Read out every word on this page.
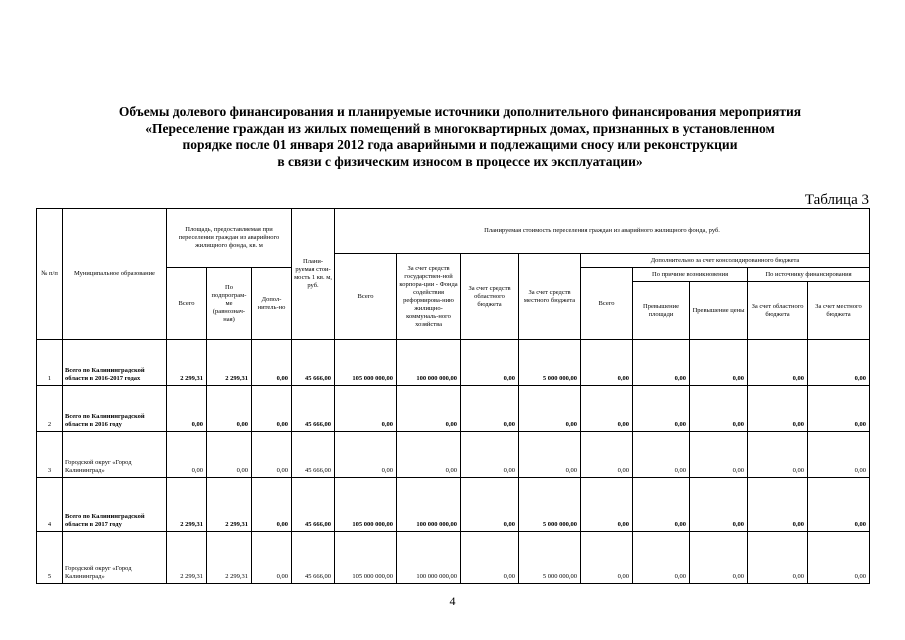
Объемы долевого финансирования и планируемые источники дополнительного финансирования мероприятия
«Переселение граждан из жилых помещений в многоквартирных домах, признанных в установленном
порядке после 01 января 2012 года аварийными и подлежащими сносу или реконструкции
в связи с физическим износом в процессе их эксплуатации»
Таблица 3
№ п/п	Муниципальное образование	Площадь, предоставляемая при переселении граждан из аварийного жилищного фонда, кв. м			Плани-руемая стои-мость 1 кв. м, руб.	Планируемая стоимость переселения граждан из аварийного жилищного фонда, руб.								
						Всего	За счет средств государствен-ной корпора-ции - Фонда содействия реформирова-нию жилищно-коммуналь-ного хозяйства	За счет средств областного бюджета	За счет средств местного бюджета	Дополнительно за счет консолидированного бюджета				
		Всего	По подпрограм-ме (равнознач-ная)	Допол-нитель-но						Всего	По причине возникновения		По источнику финансирования	
											Превышение площади	Превышение цены	За счет областного бюджета	За счет местного бюджета
1	Всего по Калининградской области в 2016-2017 годах	2 299,31	2 299,31	0,00	45 666,00	105 000 000,00	100 000 000,00	0,00	5 000 000,00	0,00	0,00	0,00	0,00	0,00
2	Всего по Калининградской области в 2016 году	0,00	0,00	0,00	45 666,00	0,00	0,00	0,00	0,00	0,00	0,00	0,00	0,00	0,00
3	Городской округ «Город Калининград»	0,00	0,00	0,00	45 666,00	0,00	0,00	0,00	0,00	0,00	0,00	0,00	0,00	0,00
4	Всего по Калининградской области в 2017 году	2 299,31	2 299,31	0,00	45 666,00	105 000 000,00	100 000 000,00	0,00	5 000 000,00	0,00	0,00	0,00	0,00	0,00
5	Городской округ «Город Калининград»	2 299,31	2 299,31	0,00	45 666,00	105 000 000,00	100 000 000,00	0,00	5 000 000,00	0,00	0,00	0,00	0,00	0,00
4
